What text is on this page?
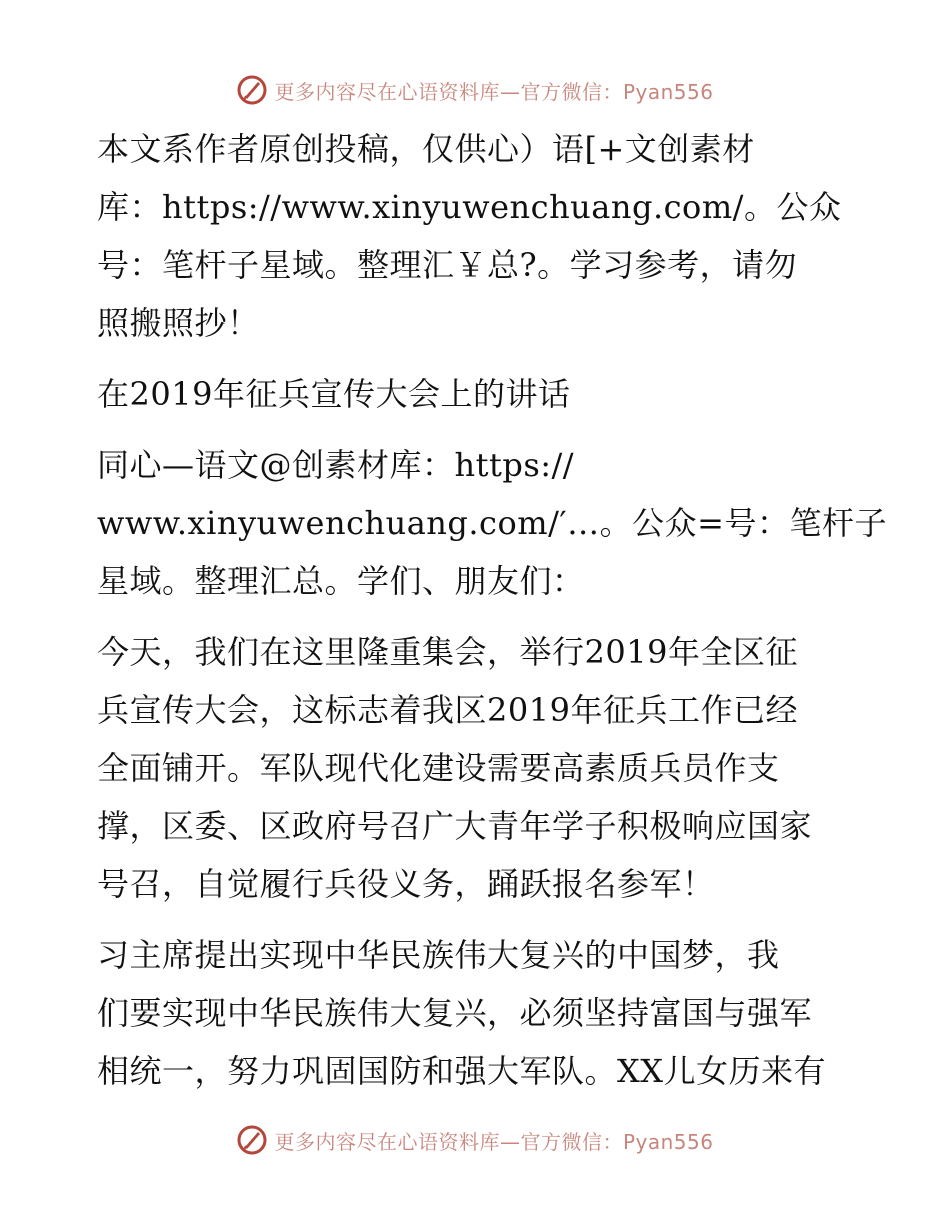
更多内容尽在心语资料库—官方微信：Pyan556

本文系作者原创投稿，仅供心）语[+文创素材
库：https://www.xinyuwenchuang.com/。公众
号：笔杆子星域。整理汇￥总?。学习参考，请勿
照搬照抄！

在2019年征兵宣传大会上的讲话

同心—语文@创素材库：https://
www.xinyuwenchuang.com/′…。公众=号：笔杆子
星域。整理汇总。学们、朋友们：

今天，我们在这里隆重集会，举行2019年全区征
兵宣传大会，这标志着我区2019年征兵工作已经
全面铺开。军队现代化建设需要高素质兵员作支
撑，区委、区政府号召广大青年学子积极响应国家
号召，自觉履行兵役义务，踊跃报名参军！

习主席提出实现中华民族伟大复兴的中国梦，我
们要实现中华民族伟大复兴，必须坚持富国与强军
相统一，努力巩固国防和强大军队。XX儿女历来有

更多内容尽在心语资料库—官方微信：Pyan556
